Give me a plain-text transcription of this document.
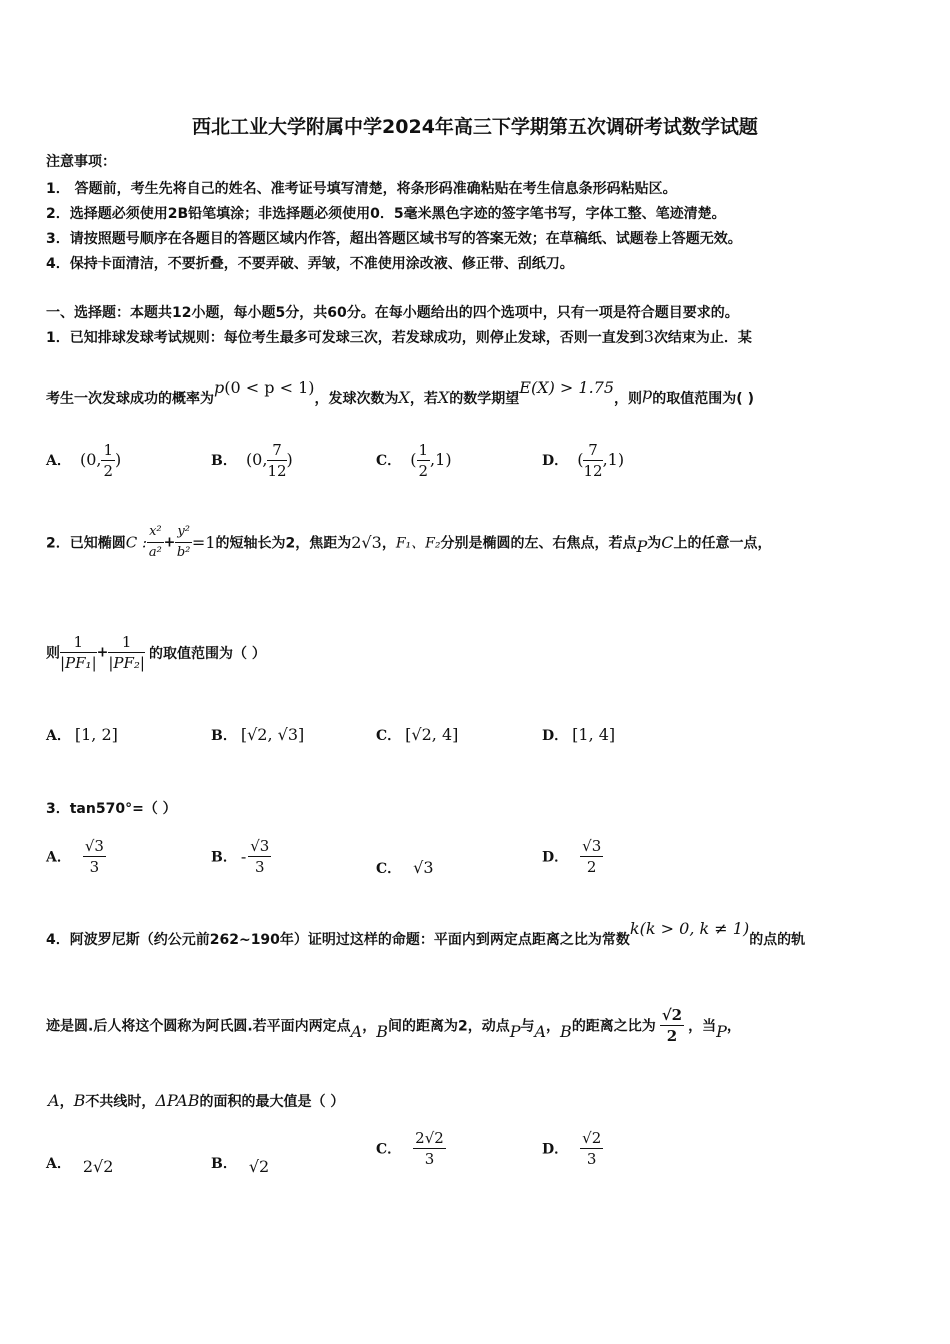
西北工业大学附属中学2024年高三下学期第五次调研考试数学试题
注意事项：
1． 答题前，考生先将自己的姓名、准考证号填写清楚，将条形码准确粘贴在考生信息条形码粘贴区。
2．选择题必须使用2B铅笔填涂；非选择题必须使用0．5毫米黑色字迹的签字笔书写，字体工整、笔迹清楚。
3．请按照题号顺序在各题目的答题区域内作答，超出答题区域书写的答案无效；在草稿纸、试题卷上答题无效。
4．保持卡面清洁，不要折叠，不要弄破、弄皱，不准使用涂改液、修正带、刮纸刀。
一、选择题：本题共12小题，每小题5分，共60分。在每小题给出的四个选项中，只有一项是符合题目要求的。
1．已知排球发球考试规则：每位考生最多可发球三次，若发球成功，则停止发球，否则一直发到3次结束为止．某
考生一次发球成功的概率为p(0 < p < 1)，发球次数为X，若X的数学期望E(X) > 1.75，则p的取值范围为( )
A． (0, $\frac{1}{2}$ )	B． (0, $\frac{7}{12}$ )	C． ( $\frac{1}{2} ,1$)	D． ( $\frac{7}{12} ,1$)
2．已知椭圆C : $\frac{\text{x²}}{\text{a²}} + \frac{\text{y²}}{\text{b²}} =1$的短轴长为2，焦距为2√3，F₁、F₂分别是椭圆的左、右焦点，若点P为C上的任意一点，
则 $\frac{1}{\text{|PF₁|}} + \frac{1}{\text{|PF₂|}}$ 的取值范围为（ ）
A． [1, 2]	B． [√2, √3]	C． [√2, 4]	D． [1, 4]
3．tan570°=（ ）
A． $\frac{√3}{3}$	B． - $\frac{√3}{3}$	C． √3
D． $\frac{√3}{2}$
4．阿波罗尼斯（约公元前262~190年）证明过这样的命题：平面内到两定点距离之比为常数k(k > 0, k ≠ 1)的点的轨
迹是圆.后人将这个圆称为阿氏圆.若平面内两定点A，B间的距离为2，动点P与A，B的距离之比为 $\frac{√2}{2}$ ，当P，
A，B不共线时，ΔPAB的面积的最大值是（ ）
A． 2√2	B． √2
C． $\frac{2√2}{3}$	D． $\frac{√2}{3}$
